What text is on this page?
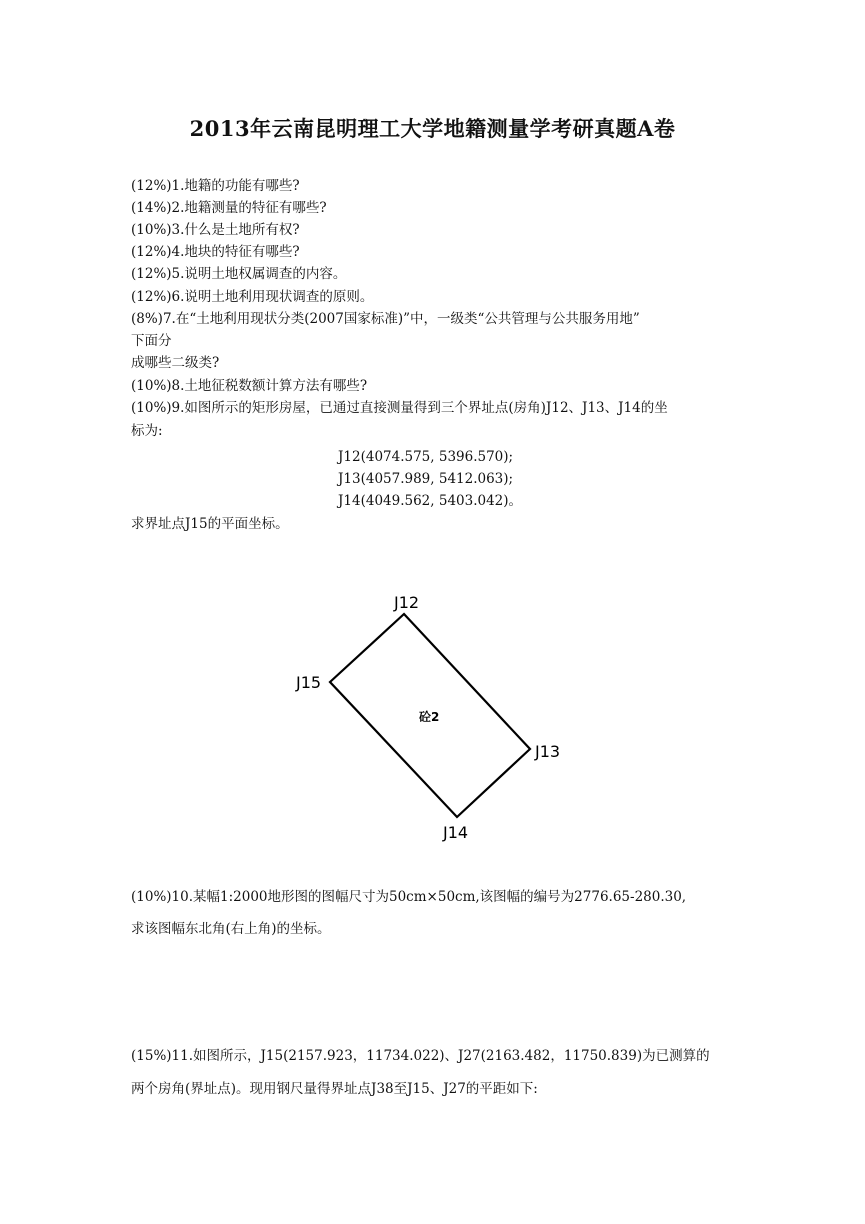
2013年云南昆明理工大学地籍测量学考研真题A卷
(12%)1.地籍的功能有哪些?
(14%)2.地籍测量的特征有哪些?
(10%)3.什么是土地所有权?
(12%)4.地块的特征有哪些?
(12%)5.说明土地权属调查的内容。
(12%)6.说明土地利用现状调查的原则。
(8%)7.在“土地利用现状分类(2007国家标准)”中，一级类“公共管理与公共服务用地”
下面分
成哪些二级类?
(10%)8.土地征税数额计算方法有哪些?
(10%)9.如图所示的矩形房屋，已通过直接测量得到三个界址点(房角)J12、J13、J14的坐
标为:
J12(4074.575, 5396.570);
J13(4057.989, 5412.063);
J14(4049.562, 5403.042)。
求界址点J15的平面坐标。
J12
J13
J14
J15
砼2
(10%)10.某幅1:2000地形图的图幅尺寸为50cm×50cm,该图幅的编号为2776.65-280.30,
求该图幅东北角(右上角)的坐标。
(15%)11.如图所示，J15(2157.923，11734.022)、J27(2163.482，11750.839)为已测算的
两个房角(界址点)。现用钢尺量得界址点J38至J15、J27的平距如下:
